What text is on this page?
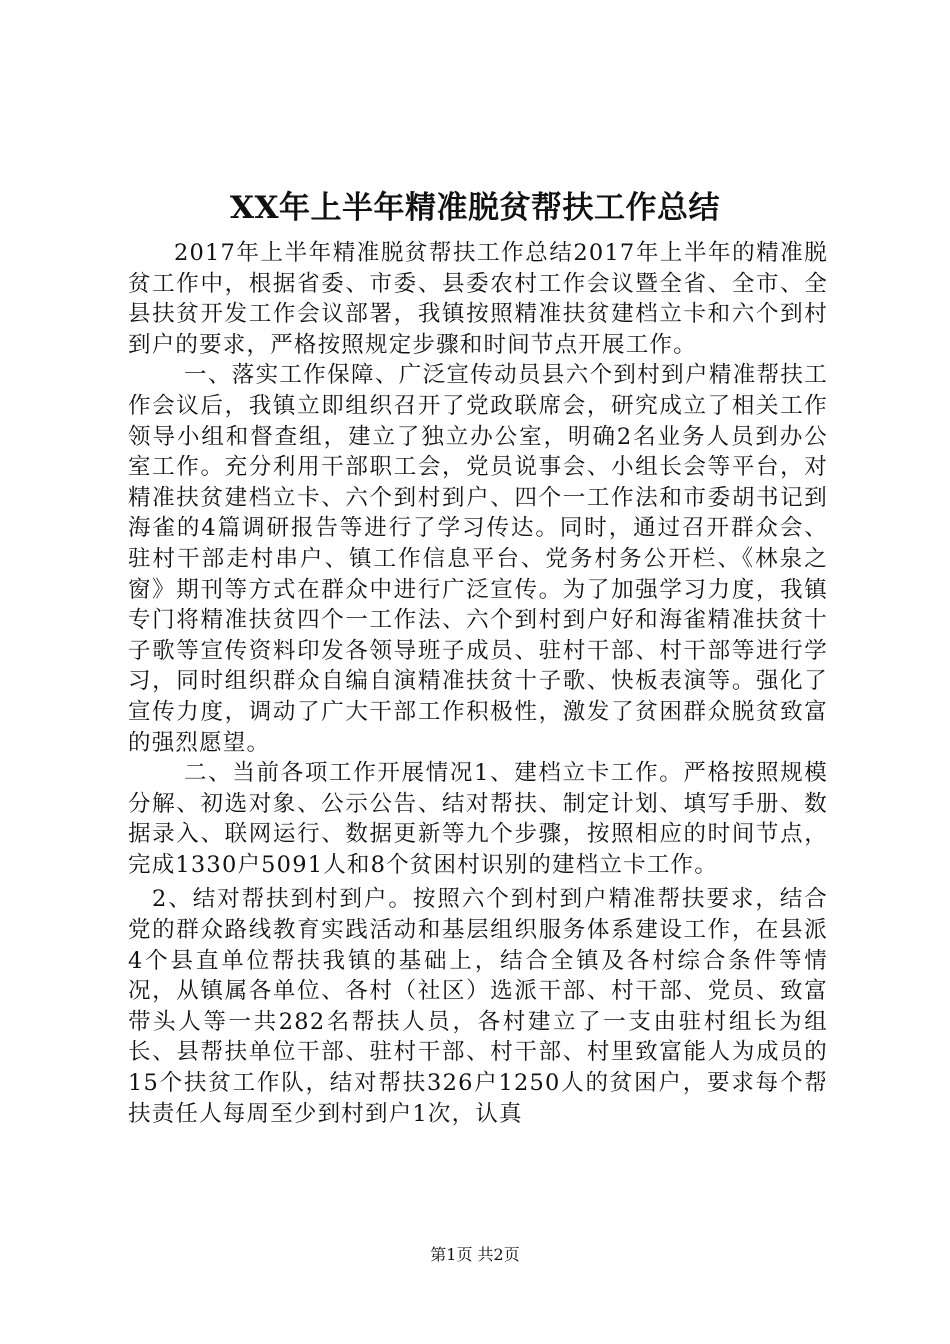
XX年上半年精准脱贫帮扶工作总结

2017年上半年精准脱贫帮扶工作总结2017年上半年的精准脱贫工作中，根据省委、市委、县委农村工作会议暨全省、全市、全县扶贫开发工作会议部署，我镇按照精准扶贫建档立卡和六个到村到户的要求，严格按照规定步骤和时间节点开展工作。

一、落实工作保障、广泛宣传动员县六个到村到户精准帮扶工作会议后，我镇立即组织召开了党政联席会，研究成立了相关工作领导小组和督查组，建立了独立办公室，明确2名业务人员到办公室工作。充分利用干部职工会，党员说事会、小组长会等平台，对精准扶贫建档立卡、六个到村到户、四个一工作法和市委胡书记到海雀的4篇调研报告等进行了学习传达。同时，通过召开群众会、驻村干部走村串户、镇工作信息平台、党务村务公开栏、《林泉之窗》期刊等方式在群众中进行广泛宣传。为了加强学习力度，我镇专门将精准扶贫四个一工作法、六个到村到户好和海雀精准扶贫十子歌等宣传资料印发各领导班子成员、驻村干部、村干部等进行学习，同时组织群众自编自演精准扶贫十子歌、快板表演等。强化了宣传力度，调动了广大干部工作积极性，激发了贫困群众脱贫致富的强烈愿望。

二、当前各项工作开展情况1、建档立卡工作。严格按照规模分解、初选对象、公示公告、结对帮扶、制定计划、填写手册、数据录入、联网运行、数据更新等九个步骤，按照相应的时间节点，完成1330户5091人和8个贫困村识别的建档立卡工作。

2、结对帮扶到村到户。按照六个到村到户精准帮扶要求，结合党的群众路线教育实践活动和基层组织服务体系建设工作，在县派4个县直单位帮扶我镇的基础上，结合全镇及各村综合条件等情况，从镇属各单位、各村（社区）选派干部、村干部、党员、致富带头人等一共282名帮扶人员，各村建立了一支由驻村组长为组长、县帮扶单位干部、驻村干部、村干部、村里致富能人为成员的15个扶贫工作队，结对帮扶326户1250人的贫困户，要求每个帮扶责任人每周至少到村到户1次，认真

第1页 共2页
